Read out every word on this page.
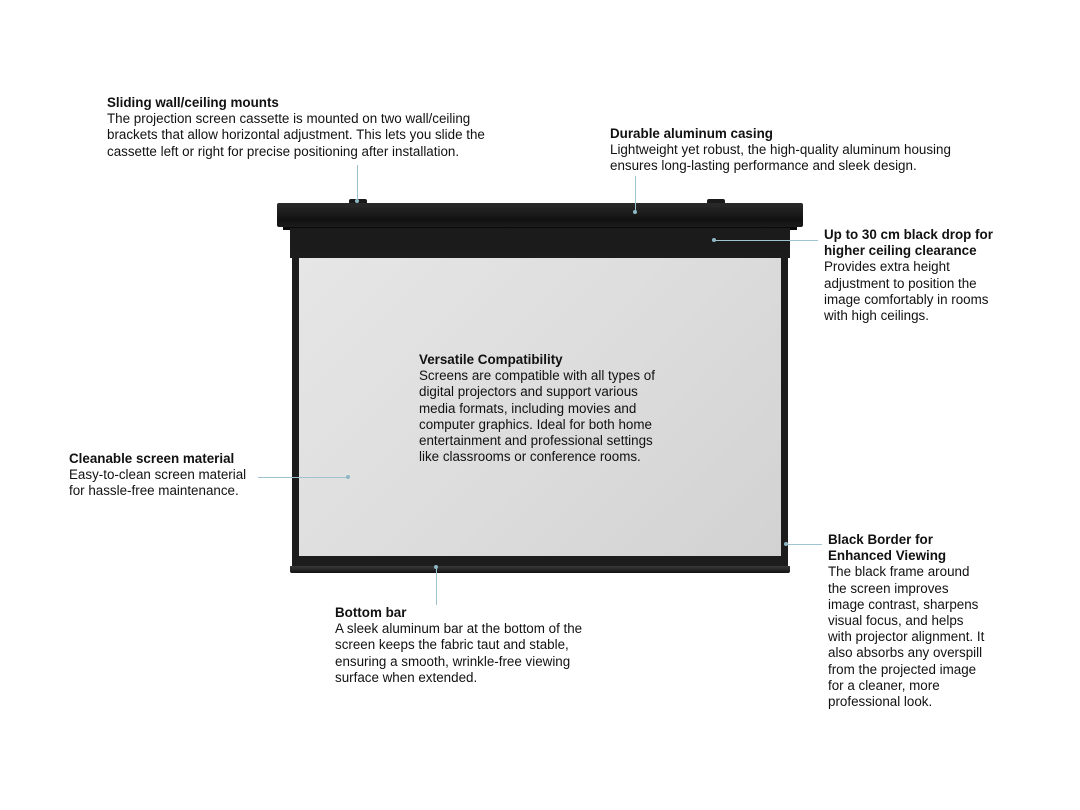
Sliding wall/ceiling mounts
The projection screen cassette is mounted on two wall/ceiling
brackets that allow horizontal adjustment. This lets you slide the
cassette left or right for precise positioning after installation.
Durable aluminum casing
Lightweight yet robust, the high-quality aluminum housing
ensures long-lasting performance and sleek design.
Up to 30 cm black drop for
higher ceiling clearance
Provides extra height
adjustment to position the
image comfortably in rooms
with high ceilings.
Versatile Compatibility
Screens are compatible with all types of
digital projectors and support various
media formats, including movies and
computer graphics. Ideal for both home
entertainment and professional settings
like classrooms or conference rooms.
Cleanable screen material
Easy-to-clean screen material
for hassle-free maintenance.
Black Border for
Enhanced Viewing
The black frame around
the screen improves
image contrast, sharpens
visual focus, and helps
with projector alignment. It
also absorbs any overspill
from the projected image
for a cleaner, more
professional look.
Bottom bar
A sleek aluminum bar at the bottom of the
screen keeps the fabric taut and stable,
ensuring a smooth, wrinkle-free viewing
surface when extended.
